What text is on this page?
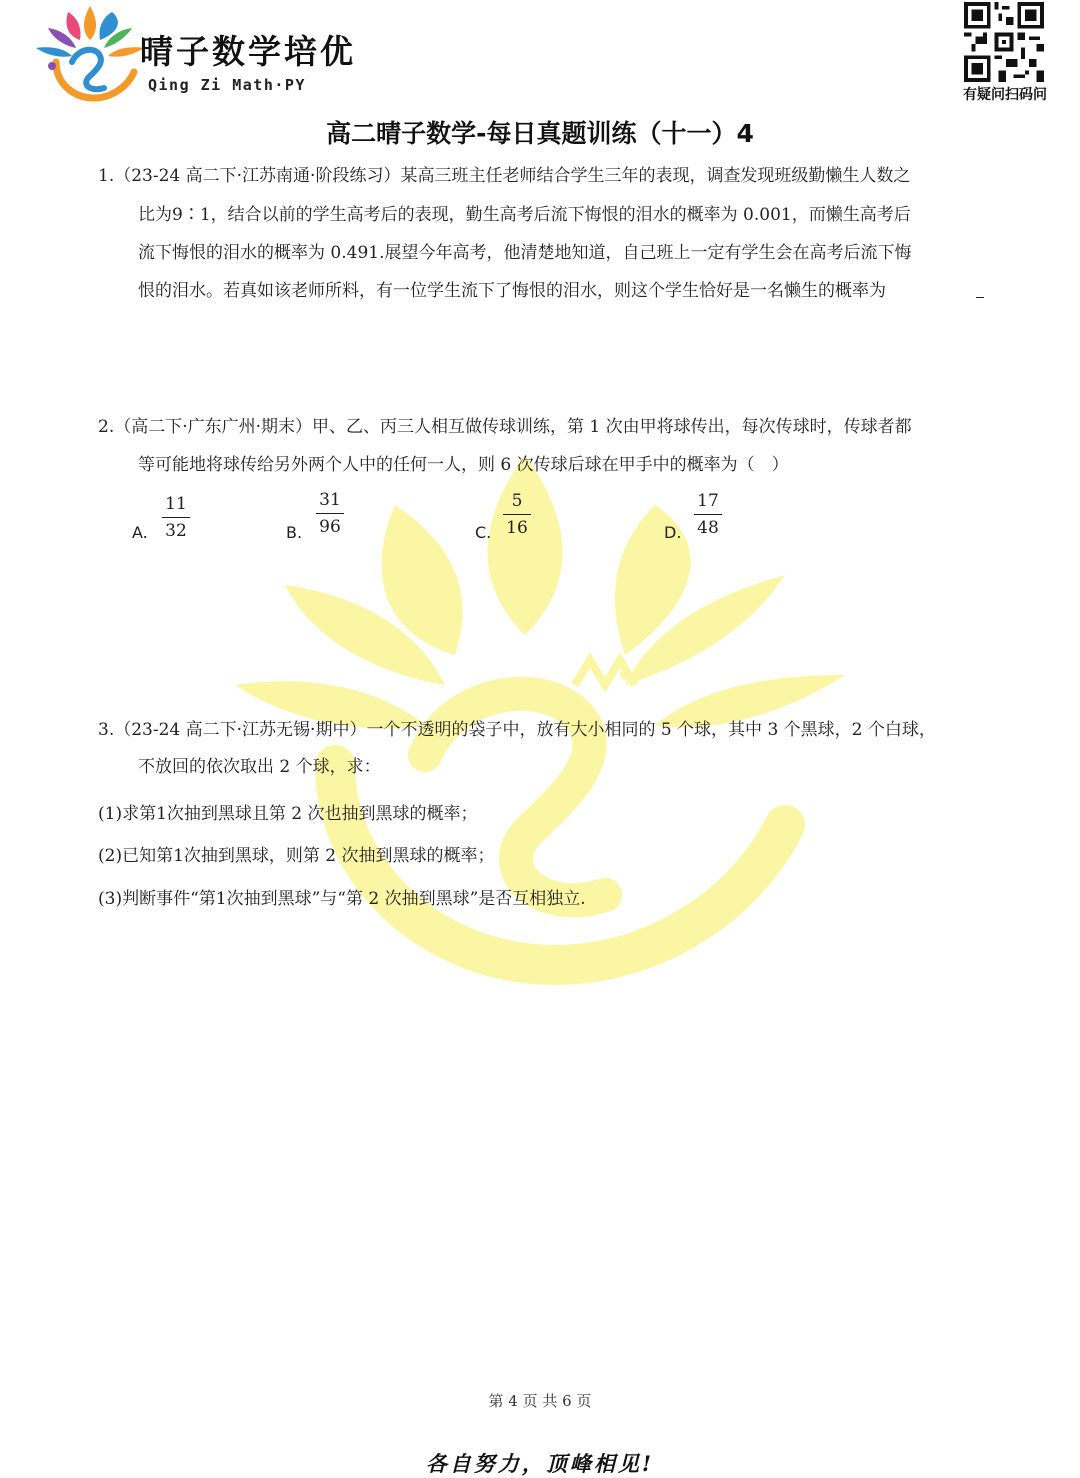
晴子数学培优
Qing Zi Math·PY
有疑问扫码问
高二晴子数学-每日真题训练（十一）4
1.（23-24 高二下·江苏南通·阶段练习）某高三班主任老师结合学生三年的表现，调查发现班级勤懒生人数之
比为9∶1，结合以前的学生高考后的表现，勤生高考后流下悔恨的泪水的概率为 0.001，而懒生高考后
流下悔恨的泪水的概率为 0.491.展望今年高考，他清楚地知道，自己班上一定有学生会在高考后流下悔
恨的泪水。若真如该老师所料，有一位学生流下了悔恨的泪水，则这个学生恰好是一名懒生的概率为
2.（高二下·广东广州·期末）甲、乙、丙三人相互做传球训练，第 1 次由甲将球传出，每次传球时，传球者都
等可能地将球传给另外两个人中的任何一人，则 6 次传球后球在甲手中的概率为（　）
A. $\frac{11}{32}$	B. $\frac{31}{96}$	C. $\frac{5}{16}$	D. $\frac{17}{48}$
3.（23-24 高二下·江苏无锡·期中）一个不透明的袋子中，放有大小相同的 5 个球，其中 3 个黑球，2 个白球，
不放回的依次取出 2 个球，求：
(1)求第1次抽到黑球且第 2 次也抽到黑球的概率；
(2)已知第1次抽到黑球，则第 2 次抽到黑球的概率；
(3)判断事件“第1次抽到黑球”与“第 2 次抽到黑球”是否互相独立.
第 4 页 共 6 页
各自努力，顶峰相见!
